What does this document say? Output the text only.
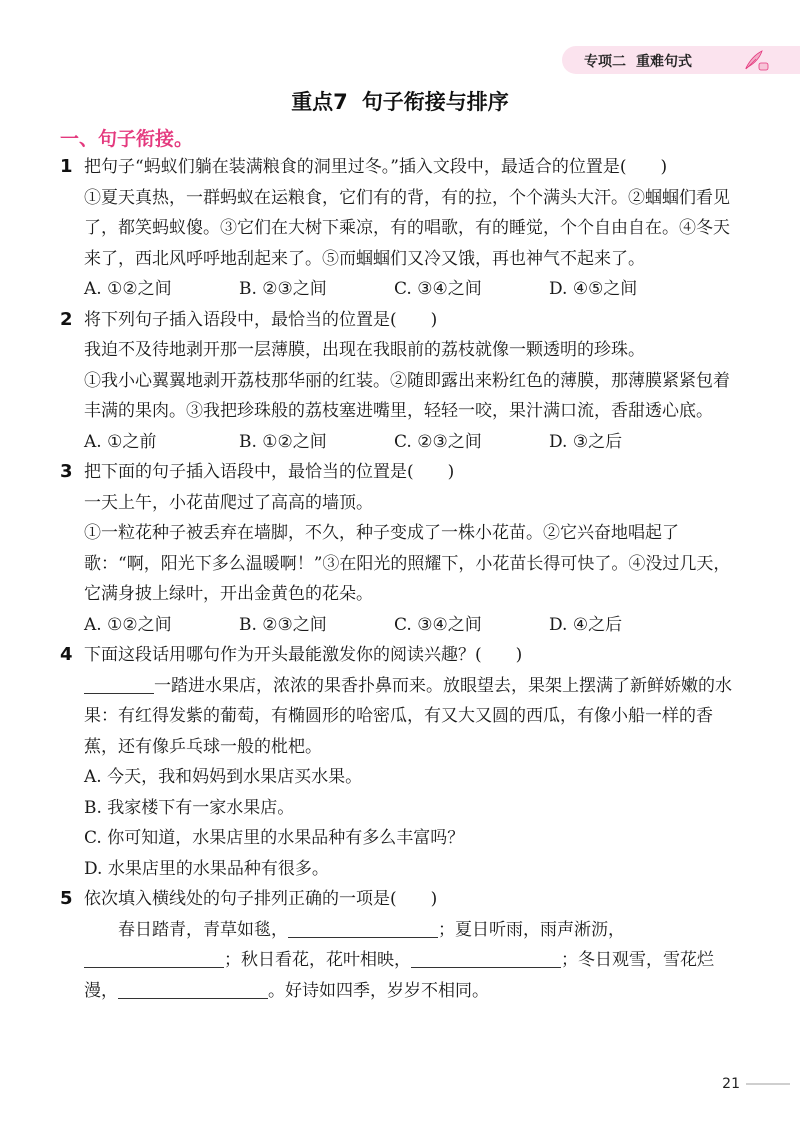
专项二 重难句式
重点7 句子衔接与排序
一、句子衔接。
1 把句子“蚂蚁们躺在装满粮食的洞里过冬。”插入文段中，最适合的位置是(　　)
①夏天真热，一群蚂蚁在运粮食，它们有的背，有的拉，个个满头大汗。②蝈蝈们看见了，都笑蚂蚁傻。③它们在大树下乘凉，有的唱歌，有的睡觉，个个自由自在。④冬天来了，西北风呼呼地刮起来了。⑤而蝈蝈们又冷又饿，再也神气不起来了。
A. ①②之间	B. ②③之间	C. ③④之间	D. ④⑤之间
2 将下列句子插入语段中，最恰当的位置是(　　)
我迫不及待地剥开那一层薄膜，出现在我眼前的荔枝就像一颗透明的珍珠。
①我小心翼翼地剥开荔枝那华丽的红装。②随即露出来粉红色的薄膜，那薄膜紧紧包着丰满的果肉。③我把珍珠般的荔枝塞进嘴里，轻轻一咬，果汁满口流，香甜透心底。
A. ①之前	B. ①②之间	C. ②③之间	D. ③之后
3 把下面的句子插入语段中，最恰当的位置是(　　)
一天上午，小花苗爬过了高高的墙顶。
①一粒花种子被丢弃在墙脚，不久，种子变成了一株小花苗。②它兴奋地唱起了歌：“啊，阳光下多么温暖啊！”③在阳光的照耀下，小花苗长得可快了。④没过几天，它满身披上绿叶，开出金黄色的花朵。
A. ①②之间	B. ②③之间	C. ③④之间	D. ④之后
4 下面这段话用哪句作为开头最能激发你的阅读兴趣？(　　)
一踏进水果店，浓浓的果香扑鼻而来。放眼望去，果架上摆满了新鲜娇嫩的水果：有红得发紫的葡萄，有椭圆形的哈密瓜，有又大又圆的西瓜，有像小船一样的香蕉，还有像乒乓球一般的枇杷。
A. 今天，我和妈妈到水果店买水果。
B. 我家楼下有一家水果店。
C. 你可知道，水果店里的水果品种有多么丰富吗？
D. 水果店里的水果品种有很多。
5 依次填入横线处的句子排列正确的一项是(　　)
春日踏青，青草如毯，	；夏日听雨，雨声淅沥，；秋日看花，花叶相映，	；冬日观雪，雪花烂漫，	。好诗如四季，岁岁不相同。
21
